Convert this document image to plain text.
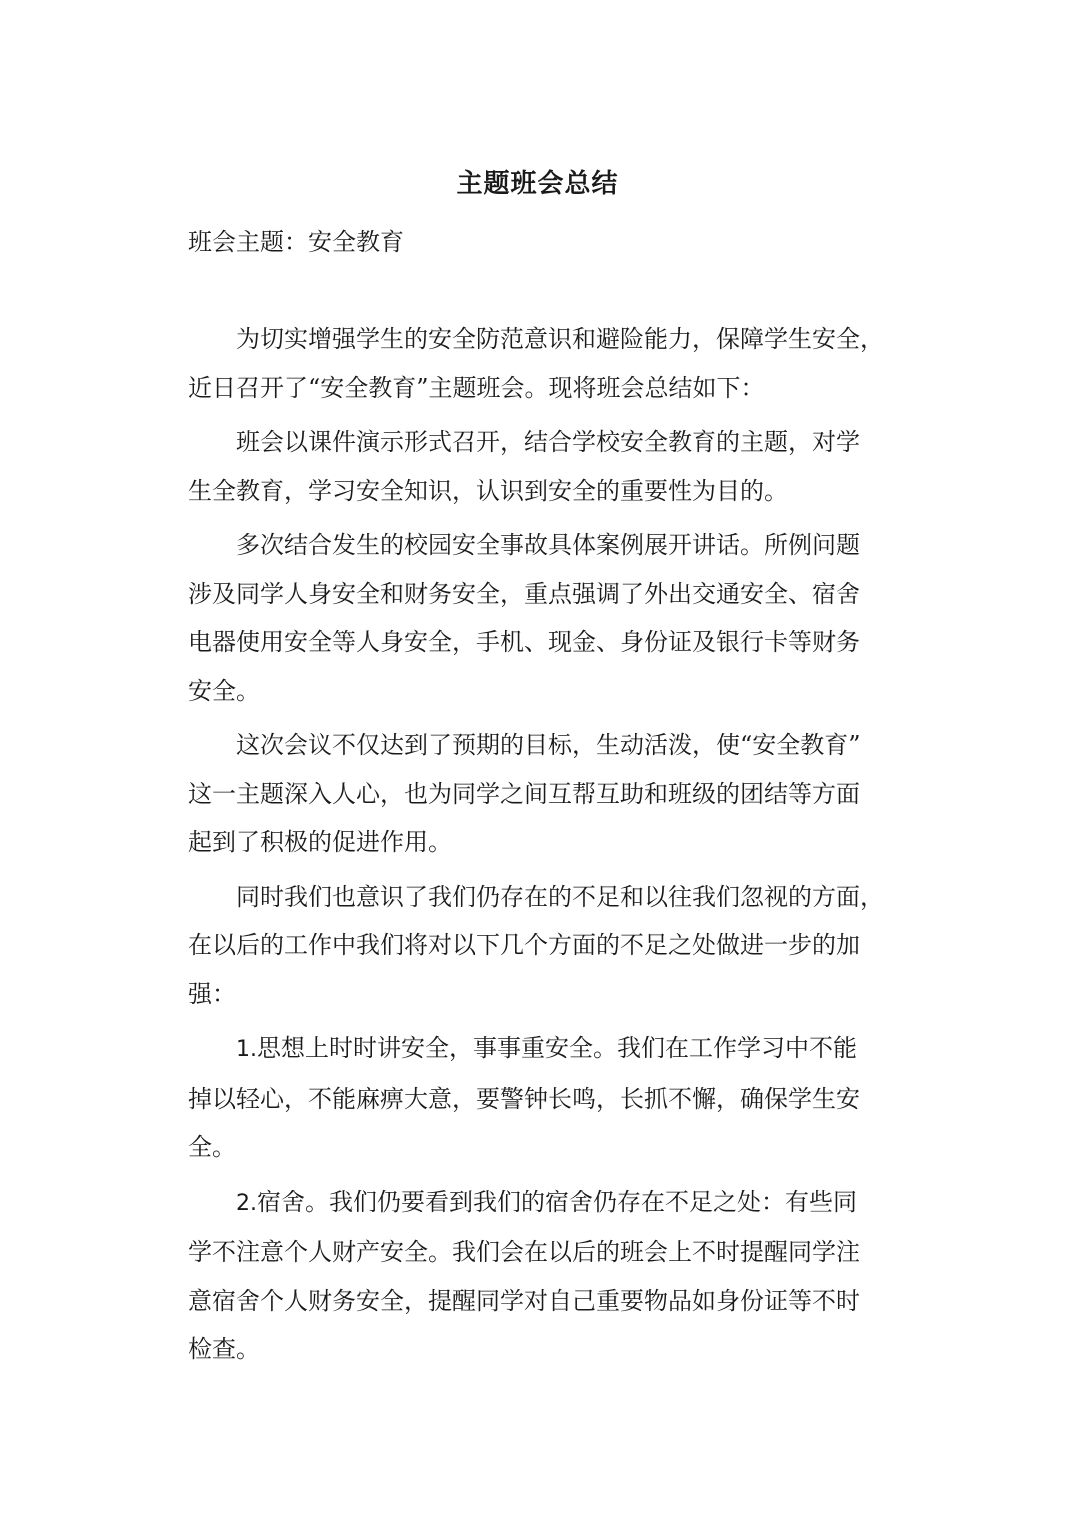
主题班会总结
班会主题：安全教育
为切实增强学生的安全防范意识和避险能力，保障学生安全，
近日召开了“安全教育”主题班会。现将班会总结如下：
班会以课件演示形式召开，结合学校安全教育的主题，对学
生全教育，学习安全知识，认识到安全的重要性为目的。
多次结合发生的校园安全事故具体案例展开讲话。所例问题
涉及同学人身安全和财务安全，重点强调了外出交通安全、宿舍
电器使用安全等人身安全，手机、现金、身份证及银行卡等财务
安全。
这次会议不仅达到了预期的目标，生动活泼，使“安全教育”
这一主题深入人心，也为同学之间互帮互助和班级的团结等方面
起到了积极的促进作用。
同时我们也意识了我们仍存在的不足和以往我们忽视的方面，
在以后的工作中我们将对以下几个方面的不足之处做进一步的加
强：
1.思想上时时讲安全，事事重安全。我们在工作学习中不能
掉以轻心，不能麻痹大意，要警钟长鸣，长抓不懈，确保学生安
全。
2.宿舍。我们仍要看到我们的宿舍仍存在不足之处：有些同
学不注意个人财产安全。我们会在以后的班会上不时提醒同学注
意宿舍个人财务安全，提醒同学对自己重要物品如身份证等不时
检查。
